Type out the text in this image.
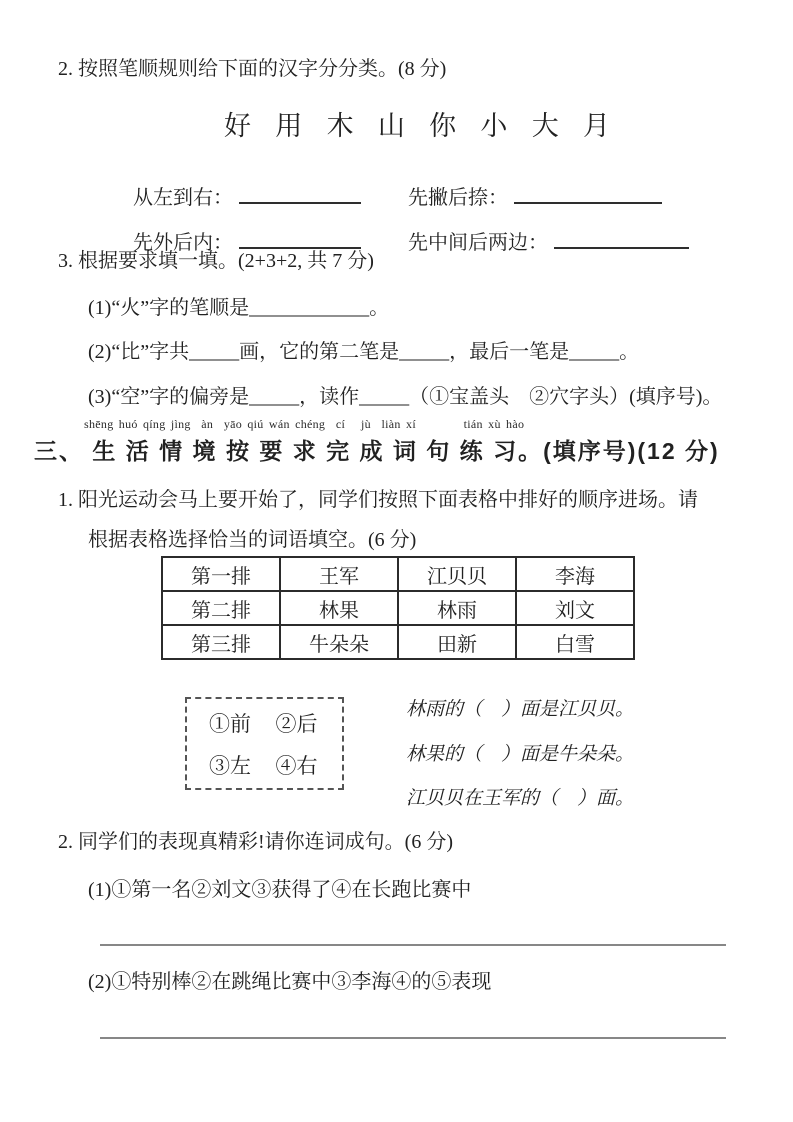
2. 按照笔顺规则给下面的汉字分分类。(8 分)
好 用 木 山 你 小 大 月

从左到右：
	先撇后捺：

先外后内：
	先中间后两边：

3. 根据要求填一填。(2+3+2, 共 7 分)
(1)“火”字的笔顺是____________。
(2)“比”字共_____画，它的第二笔是_____，最后一笔是_____。
(3)“空”字的偏旁是_____，读作_____（①宝盖头　②穴字头）(填序号)。
shēng huó qíng jìng  àn  yāo qiú wán chéng  cí   jù  liàn xí         tián xù hào
三、 生 活 情 境 按 要 求 完 成 词 句 练 习。(填序号)(12 分)
1. 阳光运动会马上要开始了，同学们按照下面表格中排好的顺序进场。请
根据表格选择恰当的词语填空。(6 分)
第一排	王军	江贝贝	李海
第二排	林果	林雨	刘文
第三排	牛朵朵	田新	白雪
①前	②后
③左	④右
林雨的（　）面是江贝贝。
林果的（　）面是牛朵朵。
江贝贝在王军的（　）面。
2. 同学们的表现真精彩!请你连词成句。(6 分)
(1)①第一名②刘文③获得了④在长跑比赛中
(2)①特别棒②在跳绳比赛中③李海④的⑤表现
